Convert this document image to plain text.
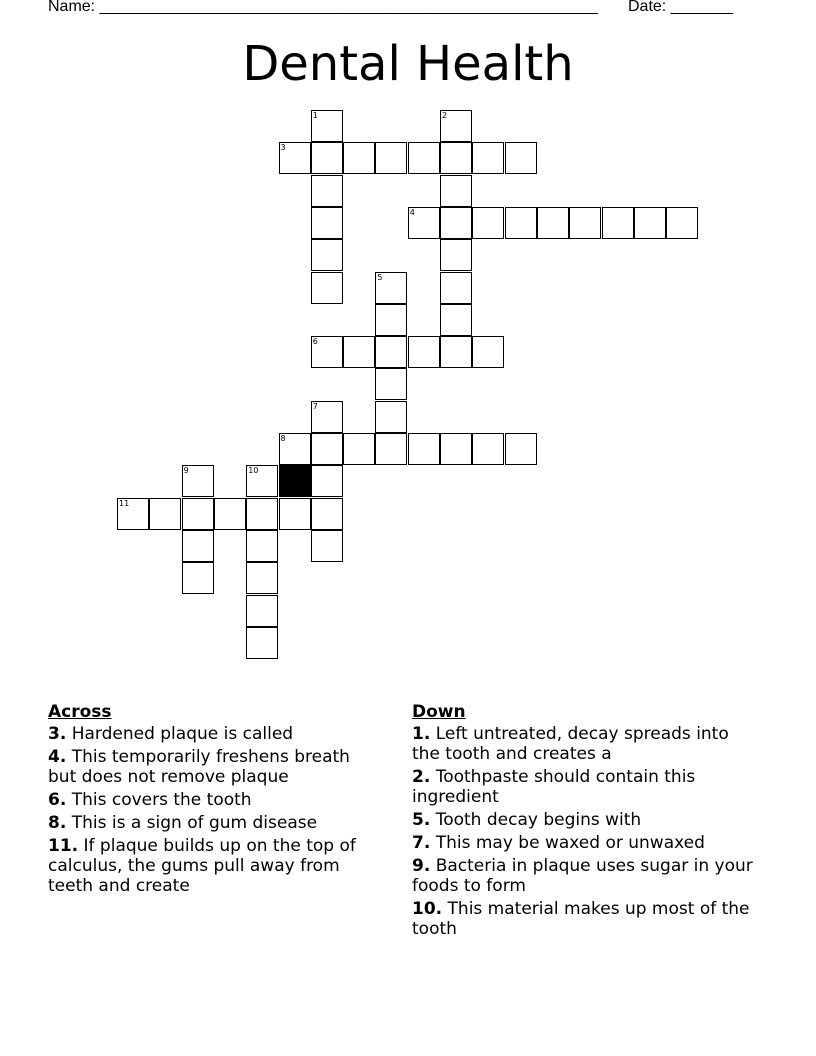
Name: ________________________________________________________ Date: _______
Dental Health
1	2
3
4
5
6
7
8
9	10
11
Across
3. Hardened plaque is called
4. This temporarily freshens breath but does not remove plaque
6. This covers the tooth
8. This is a sign of gum disease
11. If plaque builds up on the top of calculus, the gums pull away from teeth and create
Down
1. Left untreated, decay spreads into the tooth and creates a
2. Toothpaste should contain this ingredient
5. Tooth decay begins with
7. This may be waxed or unwaxed
9. Bacteria in plaque uses sugar in your foods to form
10. This material makes up most of the tooth
